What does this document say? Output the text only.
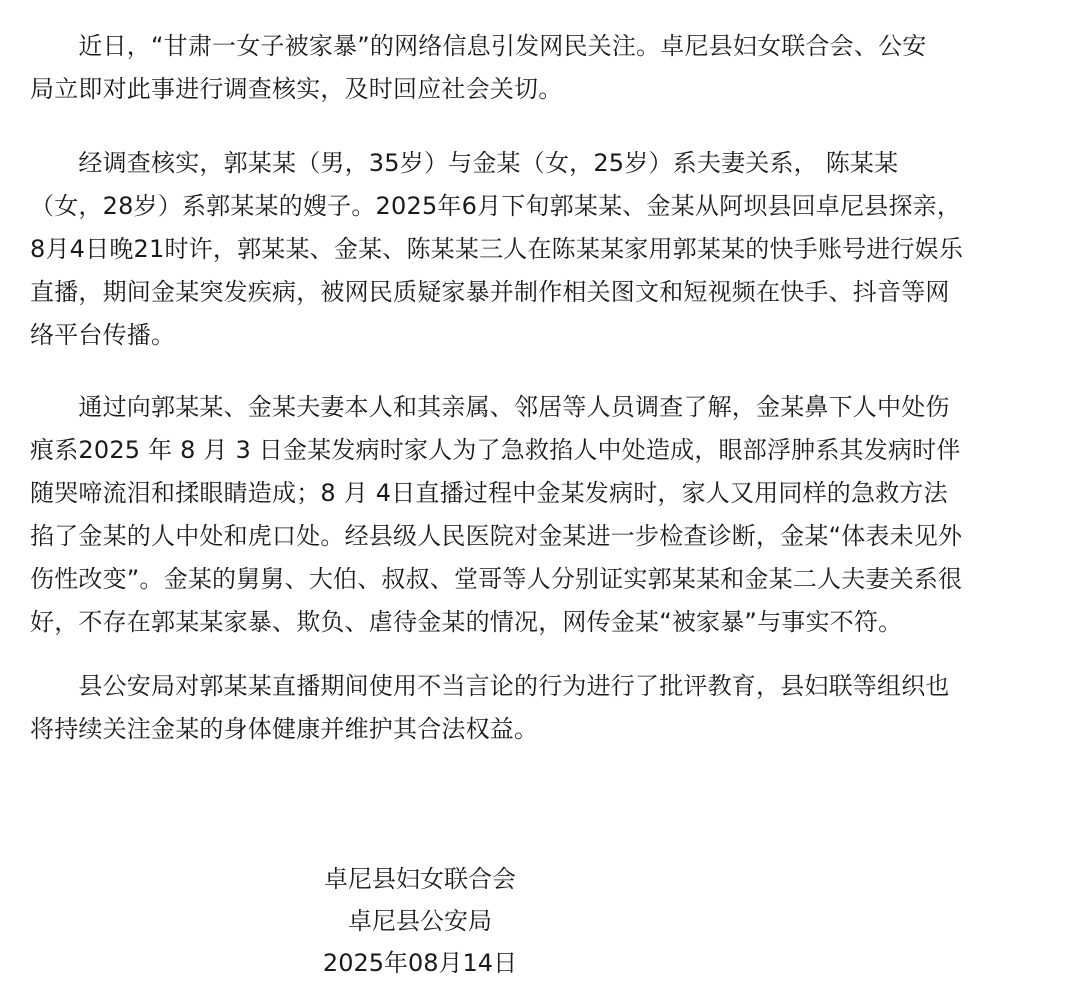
　　近日，“甘肃一女子被家暴”的网络信息引发网民关注。卓尼县妇女联合会、公安
局立即对此事进行调查核实，及时回应社会关切。

　　经调查核实，郭某某（男，35岁）与金某（女，25岁）系夫妻关系， 陈某某
（女，28岁）系郭某某的嫂子。2025年6月下旬郭某某、金某从阿坝县回卓尼县探亲，
8月4日晚21时许，郭某某、金某、陈某某三人在陈某某家用郭某某的快手账号进行娱乐
直播，期间金某突发疾病，被网民质疑家暴并制作相关图文和短视频在快手、抖音等网
络平台传播。

　　通过向郭某某、金某夫妻本人和其亲属、邻居等人员调查了解，金某鼻下人中处伤
痕系2025 年 8 月 3 日金某发病时家人为了急救掐人中处造成，眼部浮肿系其发病时伴
随哭啼流泪和揉眼睛造成；8 月 4日直播过程中金某发病时，家人又用同样的急救方法
掐了金某的人中处和虎口处。经县级人民医院对金某进一步检查诊断，金某“体表未见外
伤性改变”。金某的舅舅、大伯、叔叔、堂哥等人分别证实郭某某和金某二人夫妻关系很
好，不存在郭某某家暴、欺负、虐待金某的情况，网传金某“被家暴”与事实不符。

　　县公安局对郭某某直播期间使用不当言论的行为进行了批评教育，县妇联等组织也
将持续关注金某的身体健康并维护其合法权益。

卓尼县妇女联合会
卓尼县公安局
2025年08月14日
